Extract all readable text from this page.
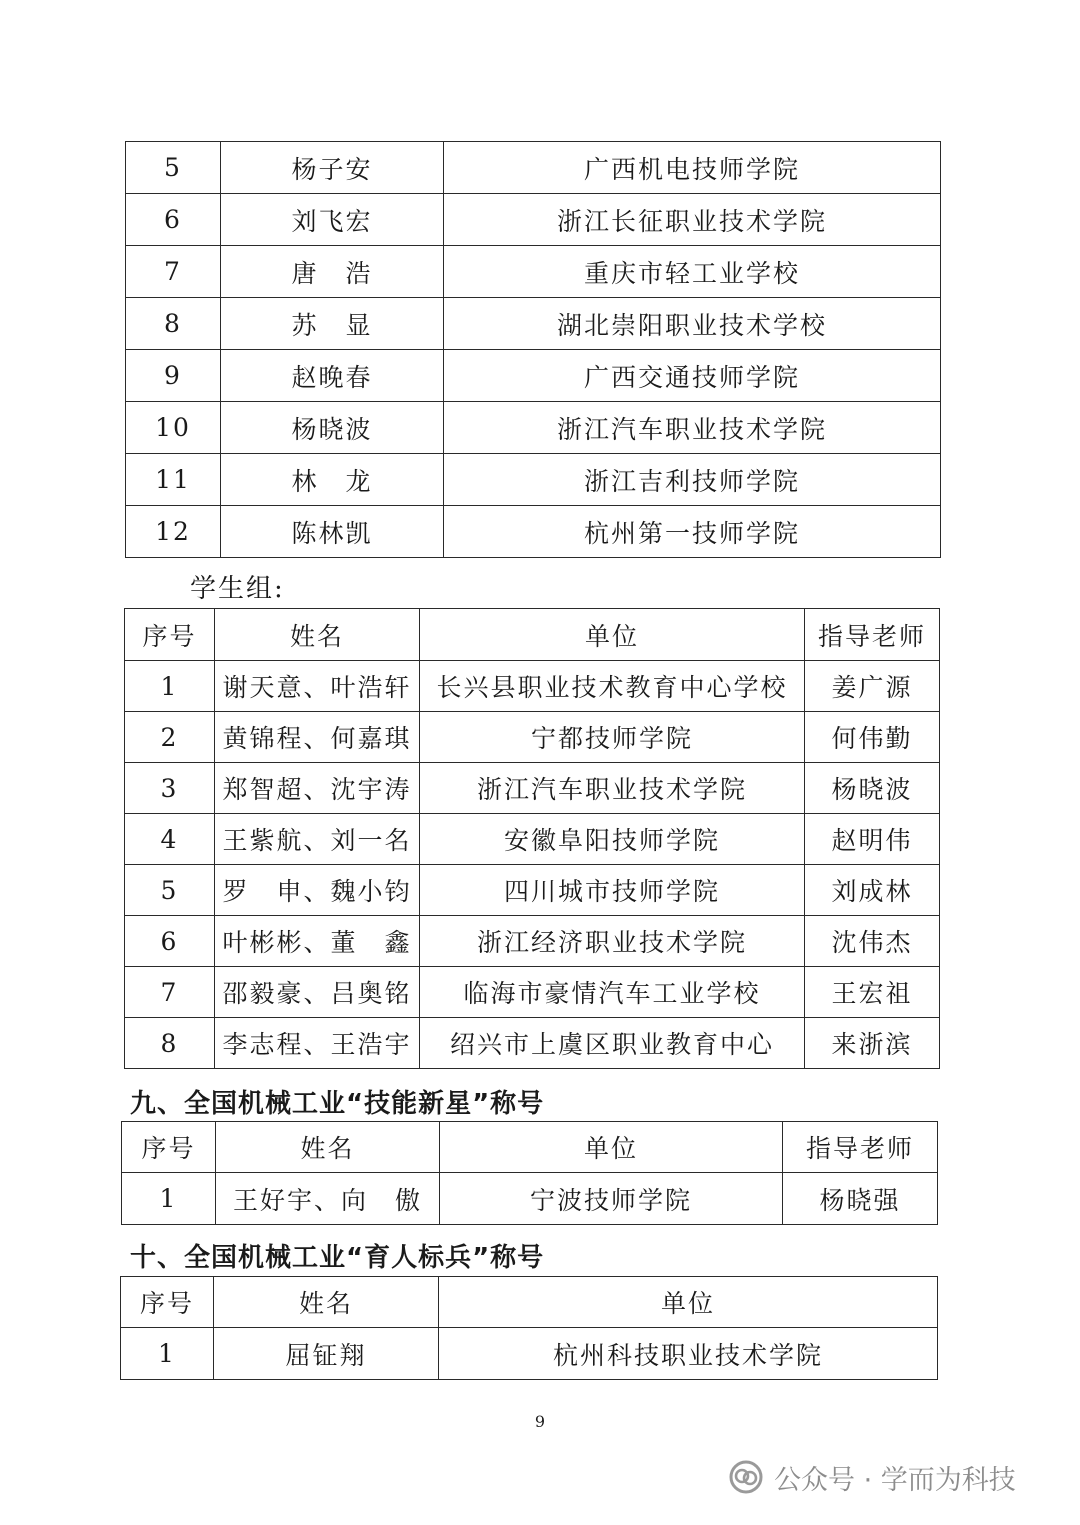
5	杨子安	广西机电技师学院
6	刘飞宏	浙江长征职业技术学院
7	唐　浩	重庆市轻工业学校
8	苏　显	湖北崇阳职业技术学校
9	赵晚春	广西交通技师学院
10	杨晓波	浙江汽车职业技术学院
11	林　龙	浙江吉利技师学院
12	陈林凯	杭州第一技师学院
学生组:
序号	姓名	单位	指导老师
1	谢天意、叶浩轩	长兴县职业技术教育中心学校	姜广源
2	黄锦程、何嘉琪	宁都技师学院	何伟勤
3	郑智超、沈宇涛	浙江汽车职业技术学院	杨晓波
4	王紫航、刘一名	安徽阜阳技师学院	赵明伟
5	罗　申、魏小钧	四川城市技师学院	刘成林
6	叶彬彬、董　鑫	浙江经济职业技术学院	沈伟杰
7	邵毅豪、吕奥铭	临海市豪情汽车工业学校	王宏祖
8	李志程、王浩宇	绍兴市上虞区职业教育中心	来浙滨
九、全国机械工业“技能新星”称号
序号	姓名	单位	指导老师
1	王好宇、向　傲	宁波技师学院	杨晓强
十、全国机械工业“育人标兵”称号
序号	姓名	单位
1	屈钲翔	杭州科技职业技术学院
9
公众号 · 学而为科技
